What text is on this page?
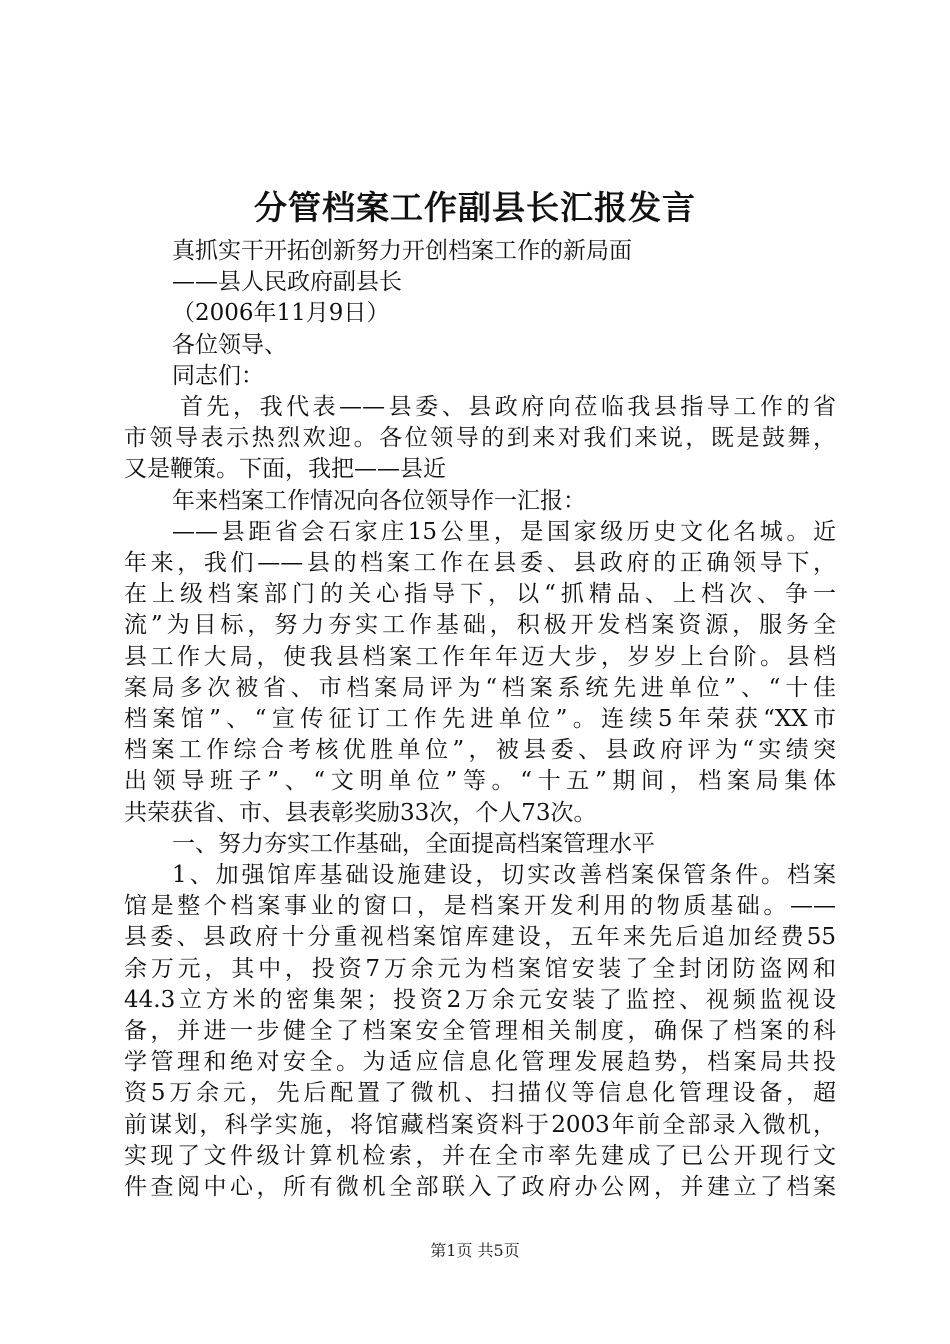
分管档案工作副县长汇报发言
真抓实干开拓创新努力开创档案工作的新局面
——县人民政府副县长
（2006年11月9日）
各位领导、
同志们：
首先，我代表——县委、县政府向莅临我县指导工作的省
市领导表示热烈欢迎。各位领导的到来对我们来说，既是鼓舞，
又是鞭策。下面，我把——县近
年来档案工作情况向各位领导作一汇报：
——县距省会石家庄15公里，是国家级历史文化名城。近
年来，我们——县的档案工作在县委、县政府的正确领导下，
在上级档案部门的关心指导下，以“抓精品、上档次、争一
流”为目标，努力夯实工作基础，积极开发档案资源，服务全
县工作大局，使我县档案工作年年迈大步，岁岁上台阶。县档
案局多次被省、市档案局评为“档案系统先进单位”、“十佳
档案馆”、“宣传征订工作先进单位”。连续5年荣获“XX市
档案工作综合考核优胜单位”，被县委、县政府评为“实绩突
出领导班子”、“文明单位”等。“十五”期间，档案局集体
共荣获省、市、县表彰奖励33次，个人73次。
一、努力夯实工作基础，全面提高档案管理水平
1、加强馆库基础设施建设，切实改善档案保管条件。档案
馆是整个档案事业的窗口，是档案开发利用的物质基础。——
县委、县政府十分重视档案馆库建设，五年来先后追加经费55
余万元，其中，投资7万余元为档案馆安装了全封闭防盗网和
44.3立方米的密集架；投资2万余元安装了监控、视频监视设
备，并进一步健全了档案安全管理相关制度，确保了档案的科
学管理和绝对安全。为适应信息化管理发展趋势，档案局共投
资5万余元，先后配置了微机、扫描仪等信息化管理设备，超
前谋划，科学实施，将馆藏档案资料于2003年前全部录入微机，
实现了文件级计算机检索，并在全市率先建成了已公开现行文
件查阅中心，所有微机全部联入了政府办公网，并建立了档案
第1页 共5页
